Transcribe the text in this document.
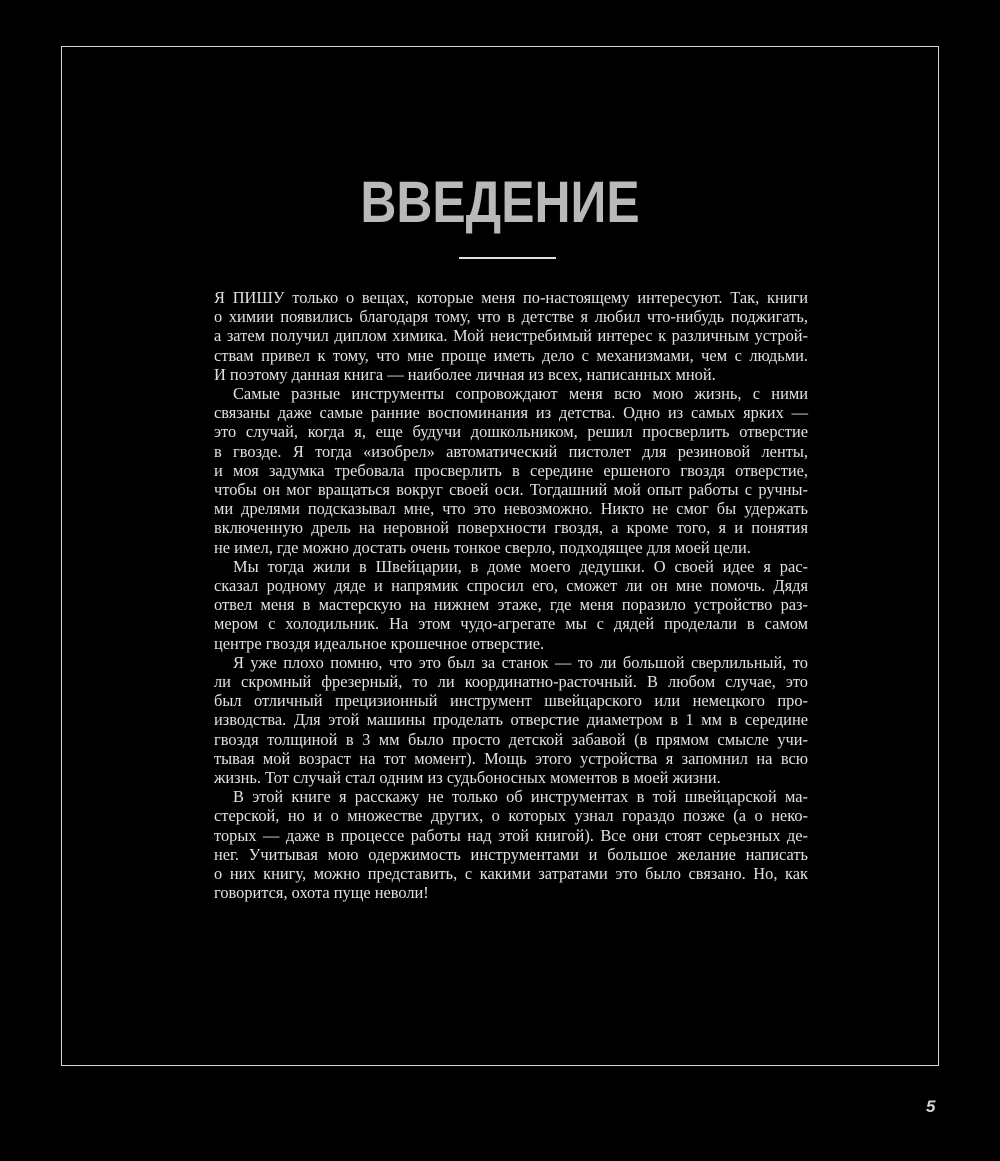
ВВЕДЕНИЕ

Я ПИШУ только о вещах, которые меня по-настоящему интересуют. Так, книги
о химии появились благодаря тому, что в детстве я любил что-нибудь поджигать,
а затем получил диплом химика. Мой неистребимый интерес к различным устрой-
ствам привел к тому, что мне проще иметь дело с механизмами, чем с людьми.
И поэтому данная книга — наиболее личная из всех, написанных мной.

Самые разные инструменты сопровождают меня всю мою жизнь, с ними
связаны даже самые ранние воспоминания из детства. Одно из самых ярких —
это случай, когда я, еще будучи дошкольником, решил просверлить отверстие
в гвозде. Я тогда «изобрел» автоматический пистолет для резиновой ленты,
и моя задумка требовала просверлить в середине ершеного гвоздя отверстие,
чтобы он мог вращаться вокруг своей оси. Тогдашний мой опыт работы с ручны-
ми дрелями подсказывал мне, что это невозможно. Никто не смог бы удержать
включенную дрель на неровной поверхности гвоздя, а кроме того, я и понятия
не имел, где можно достать очень тонкое сверло, подходящее для моей цели.

Мы тогда жили в Швейцарии, в доме моего дедушки. О своей идее я рас-
сказал родному дяде и напрямик спросил его, сможет ли он мне помочь. Дядя
отвел меня в мастерскую на нижнем этаже, где меня поразило устройство раз-
мером с холодильник. На этом чудо-агрегате мы с дядей проделали в самом
центре гвоздя идеальное крошечное отверстие.

Я уже плохо помню, что это был за станок — то ли большой сверлильный, то
ли скромный фрезерный, то ли координатно-расточный. В любом случае, это
был отличный прецизионный инструмент швейцарского или немецкого про-
изводства. Для этой машины проделать отверстие диаметром в 1 мм в середине
гвоздя толщиной в 3 мм было просто детской забавой (в прямом смысле учи-
тывая мой возраст на тот момент). Мощь этого устройства я запомнил на всю
жизнь. Тот случай стал одним из судьбоносных моментов в моей жизни.

В этой книге я расскажу не только об инструментах в той швейцарской ма-
стерской, но и о множестве других, о которых узнал гораздо позже (а о неко-
торых — даже в процессе работы над этой книгой). Все они стоят серьезных де-
нег. Учитывая мою одержимость инструментами и большое желание написать
о них книгу, можно представить, с какими затратами это было связано. Но, как
говорится, охота пуще неволи!

5
